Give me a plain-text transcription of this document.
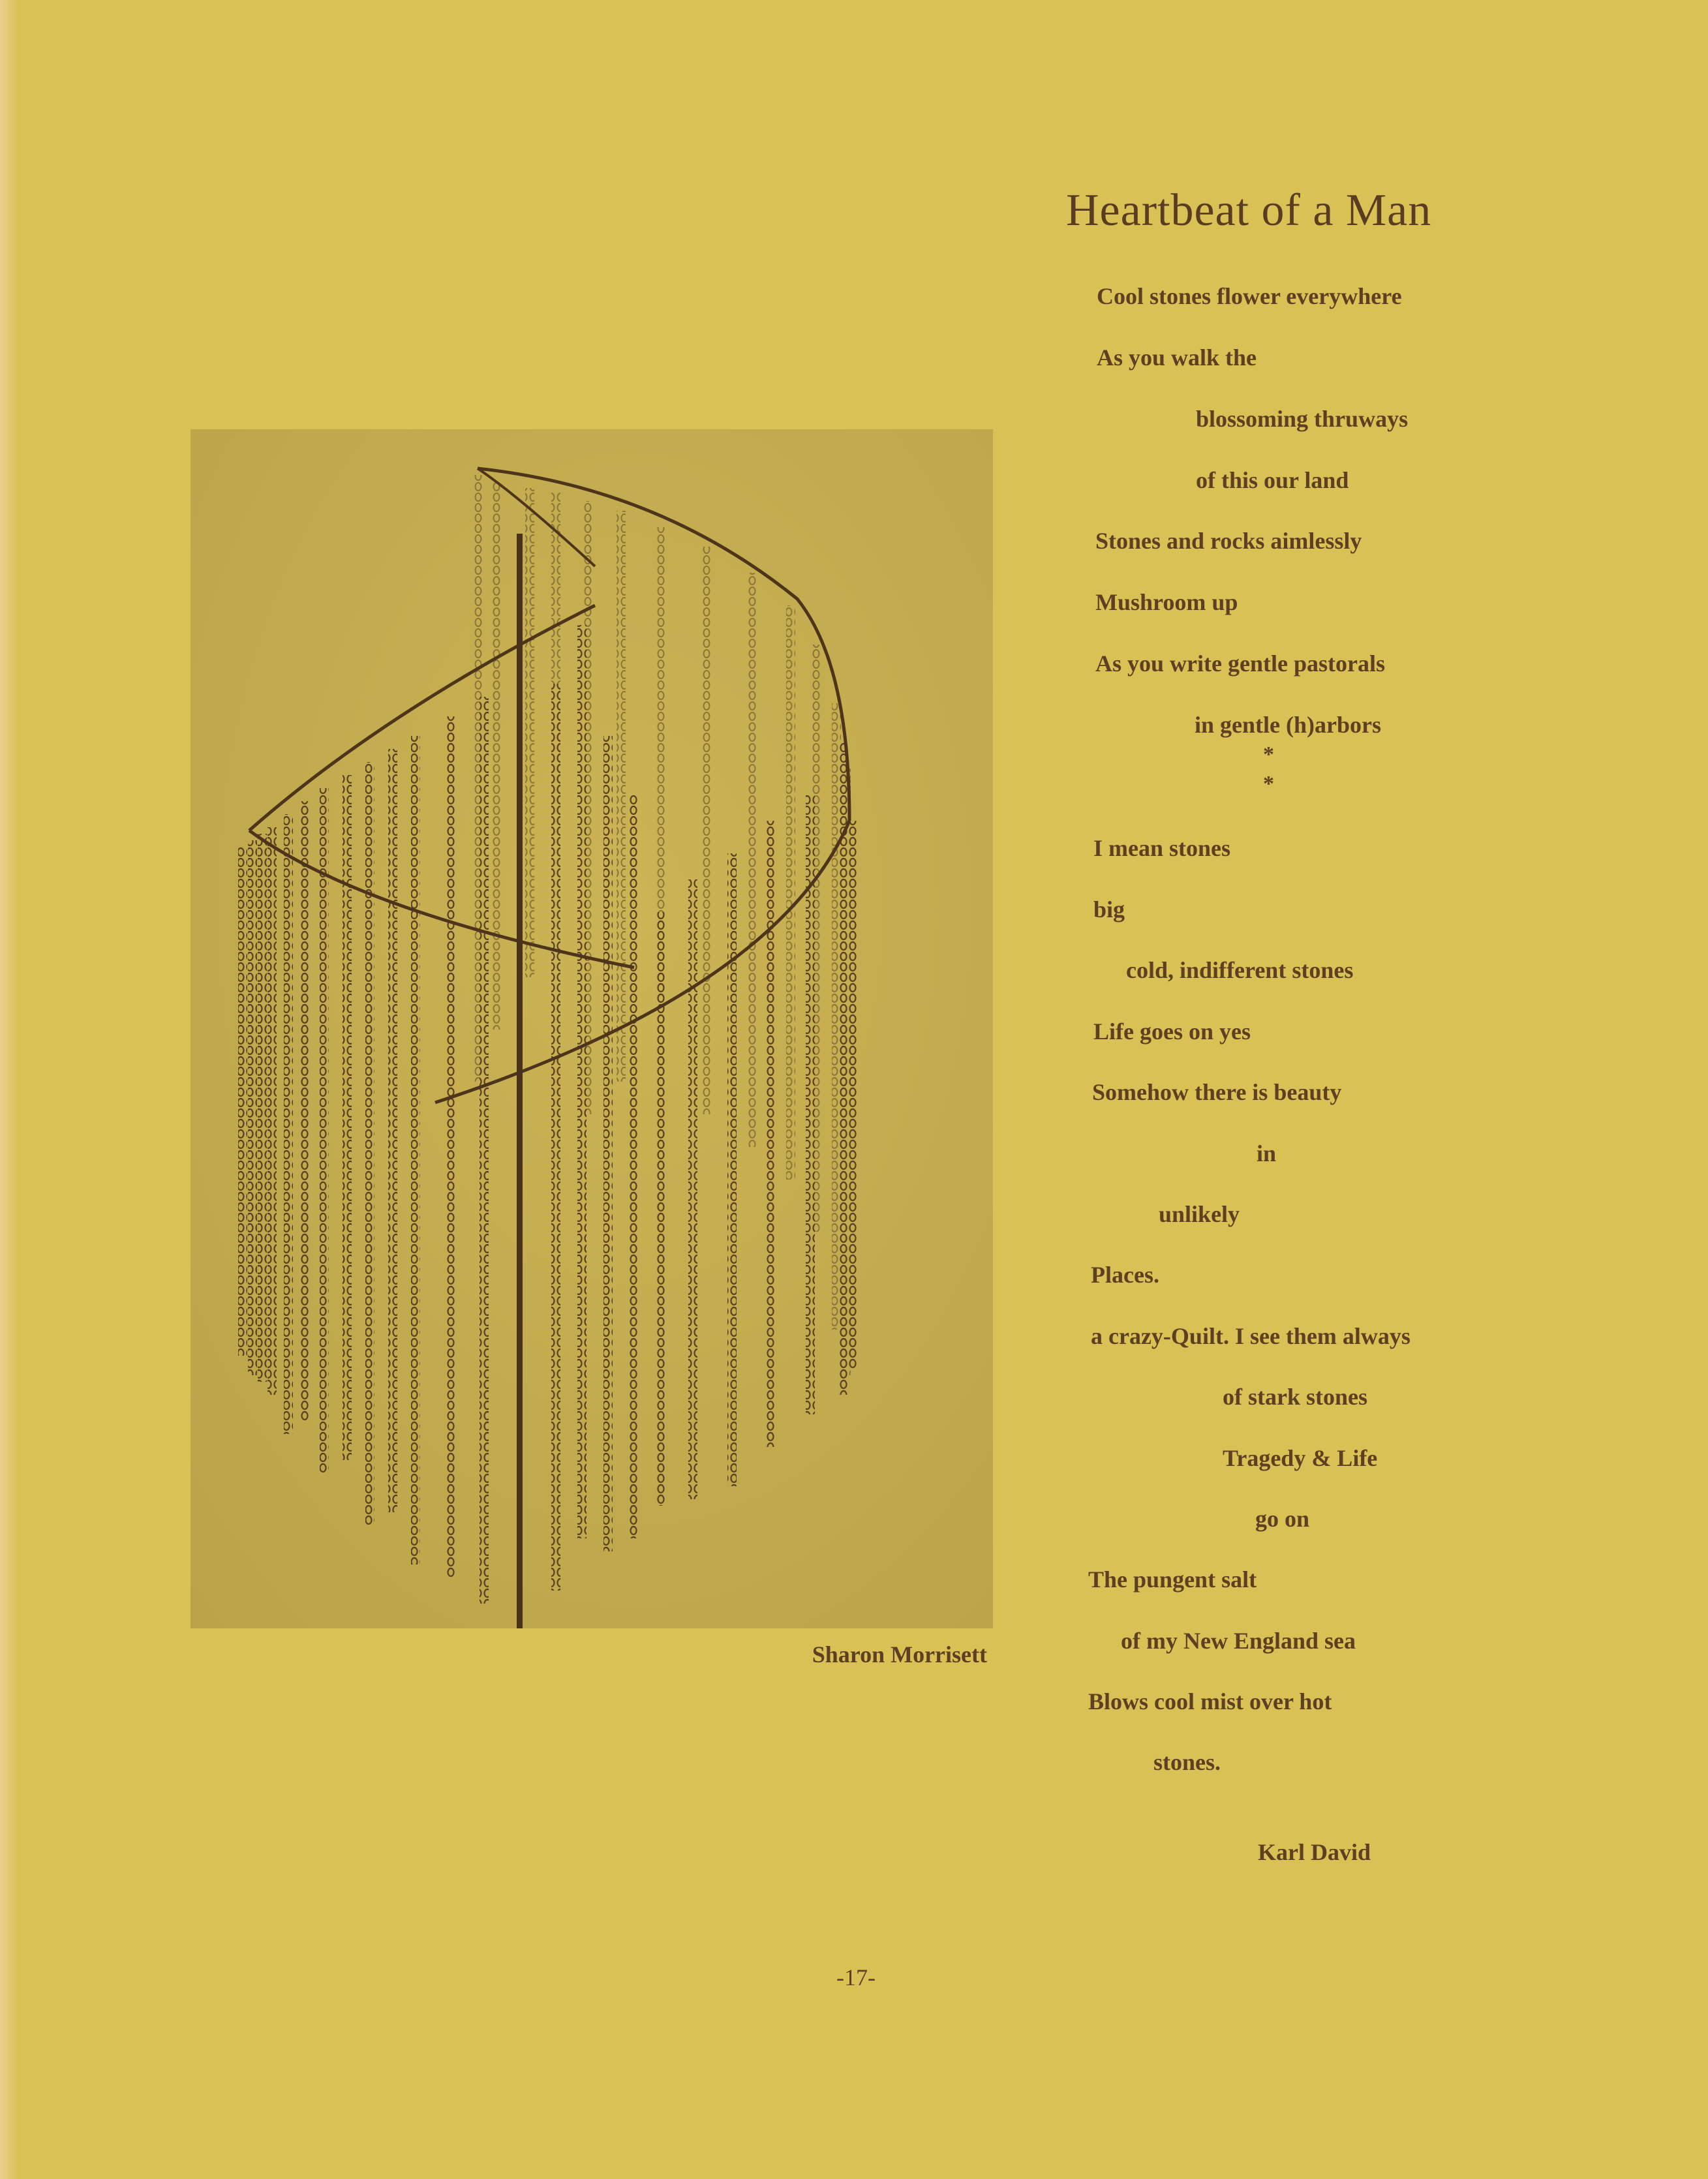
Sharon Morrisett
Heartbeat of a Man
Cool stones flower everywhere
As you walk the
blossoming thruways
of this our land
Stones and rocks aimlessly
Mushroom up
As you write gentle pastorals
in gentle (h)arbors
*
*
I mean stones
big
cold, indifferent stones
Life goes on yes
Somehow there is beauty
in
unlikely
Places.
a crazy-Quilt. I see them always
of stark stones
Tragedy & Life
go on
The pungent salt
of my New England sea
Blows cool mist over hot
stones.
Karl David
-17-
